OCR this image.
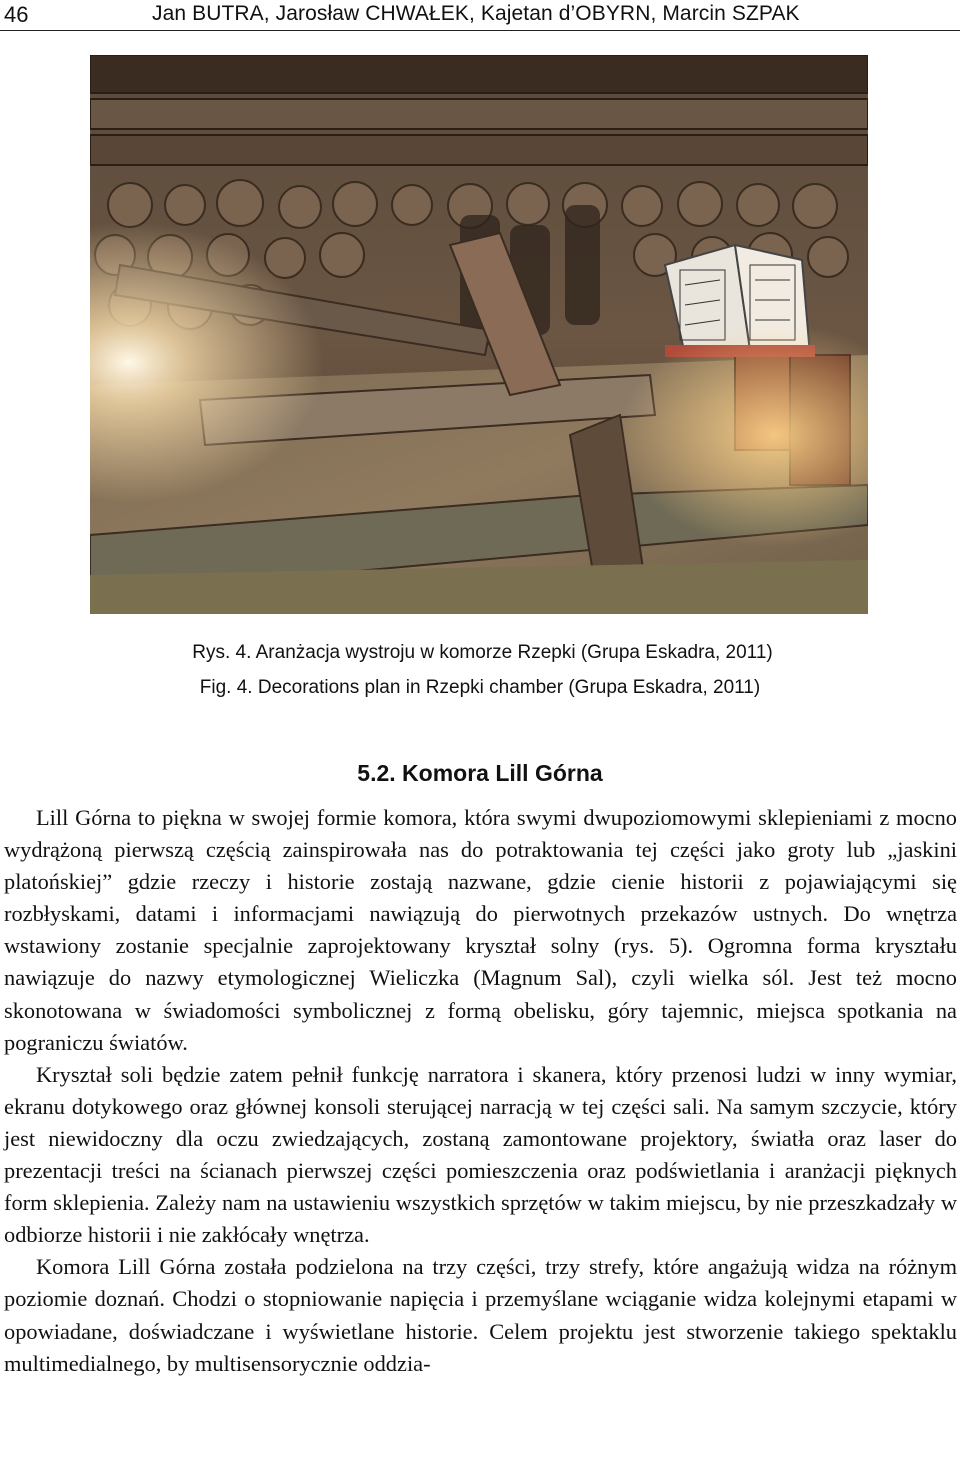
46	Jan BUTRA, Jarosław CHWAŁEK, Kajetan d’OBYRN, Marcin SZPAK
Rys. 4. Aranżacja wystroju w komorze Rzepki (Grupa Eskadra, 2011)
Fig. 4. Decorations plan in Rzepki chamber (Grupa Eskadra, 2011)
5.2. Komora Lill Górna

Lill Górna to piękna w swojej formie komora, która swymi dwupoziomowymi sklepieniami z mocno wydrążoną pierwszą częścią zainspirowała nas do potraktowania tej części jako groty lub „jaskini platońskiej” gdzie rzeczy i historie zostają nazwane, gdzie cienie historii z pojawiającymi się rozbłyskami, datami i informacjami nawiązują do pierwotnych przekazów ustnych. Do wnętrza wstawiony zostanie specjalnie zaprojektowany kryształ solny (rys. 5). Ogromna forma kryształu nawiązuje do nazwy etymologicznej Wieliczka (Magnum Sal), czyli wielka sól. Jest też mocno skonotowana w świadomości symbolicznej z formą obelisku, góry tajemnic, miejsca spotkania na pograniczu światów.

Kryształ soli będzie zatem pełnił funkcję narratora i skanera, który przenosi ludzi w inny wymiar, ekranu dotykowego oraz głównej konsoli sterującej narracją w tej części sali. Na samym szczycie, który jest niewidoczny dla oczu zwiedzających, zostaną zamontowane projektory, światła oraz laser do prezentacji treści na ścianach pierwszej części pomieszczenia oraz podświetlania i aranżacji pięknych form sklepienia. Zależy nam na ustawieniu wszystkich sprzętów w takim miejscu, by nie przeszkadzały w odbiorze historii i nie zakłócały wnętrza.

Komora Lill Górna została podzielona na trzy części, trzy strefy, które angażują widza na różnym poziomie doznań. Chodzi o stopniowanie napięcia i przemyślane wciąganie widza kolejnymi etapami w opowiadane, doświadczane i wyświetlane historie. Celem projektu jest stworzenie takiego spektaklu multimedialnego, by multisensorycznie oddzia-
